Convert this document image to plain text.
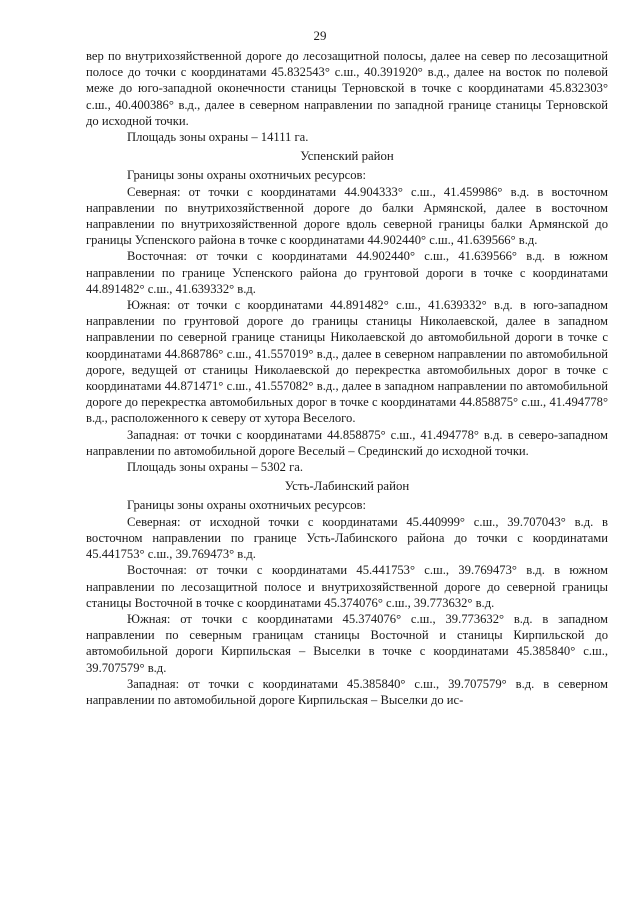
29

вер по внутрихозяйственной дороге до лесозащитной полосы, далее на север по лесозащитной полосе до точки с координатами 45.832543° с.ш., 40.391920° в.д., далее на восток по полевой меже до юго-западной оконечности станицы Терновской в точке с координатами 45.832303° с.ш., 40.400386° в.д., далее в северном направлении по западной границе станицы Терновской до исходной точки.

Площадь зоны охраны – 14111 га.

Успенский район

Границы зоны охраны охотничьих ресурсов:

Северная: от точки с координатами 44.904333° с.ш., 41.459986° в.д. в восточном направлении по внутрихозяйственной дороге до балки Армянской, далее в восточном направлении по внутрихозяйственной дороге вдоль северной границы балки Армянской до границы Успенского района в точке с координатами 44.902440° с.ш., 41.639566° в.д.

Восточная: от точки с координатами 44.902440° с.ш., 41.639566° в.д. в южном направлении по границе Успенского района до грунтовой дороги в точке с координатами 44.891482° с.ш., 41.639332° в.д.

Южная: от точки с координатами 44.891482° с.ш., 41.639332° в.д. в юго-западном направлении по грунтовой дороге до границы станицы Николаевской, далее в западном направлении по северной границе станицы Николаевской до автомобильной дороги в точке с координатами 44.868786° с.ш., 41.557019° в.д., далее в северном направлении по автомобильной дороге, ведущей от станицы Николаевской до перекрестка автомобильных дорог в точке с координатами 44.871471° с.ш., 41.557082° в.д., далее в западном направлении по автомобильной дороге до перекрестка автомобильных дорог в точке с координатами 44.858875° с.ш., 41.494778° в.д., расположенного к северу от хутора Веселого.

Западная: от точки с координатами 44.858875° с.ш., 41.494778° в.д. в северо-западном направлении по автомобильной дороге Веселый – Срединский до исходной точки.

Площадь зоны охраны – 5302 га.

Усть-Лабинский район

Границы зоны охраны охотничьих ресурсов:

Северная: от исходной точки с координатами 45.440999° с.ш., 39.707043° в.д. в восточном направлении по границе Усть-Лабинского района до точки с координатами 45.441753° с.ш., 39.769473° в.д.

Восточная: от точки с координатами 45.441753° с.ш., 39.769473° в.д. в южном направлении по лесозащитной полосе и внутрихозяйственной дороге до северной границы станицы Восточной в точке с координатами 45.374076° с.ш., 39.773632° в.д.

Южная: от точки с координатами 45.374076° с.ш., 39.773632° в.д. в западном направлении по северным границам станицы Восточной и станицы Кирпильской до автомобильной дороги Кирпильская – Выселки в точке с координатами 45.385840° с.ш., 39.707579° в.д.

Западная: от точки с координатами 45.385840° с.ш., 39.707579° в.д. в северном направлении по автомобильной дороге Кирпильская – Выселки до ис-
